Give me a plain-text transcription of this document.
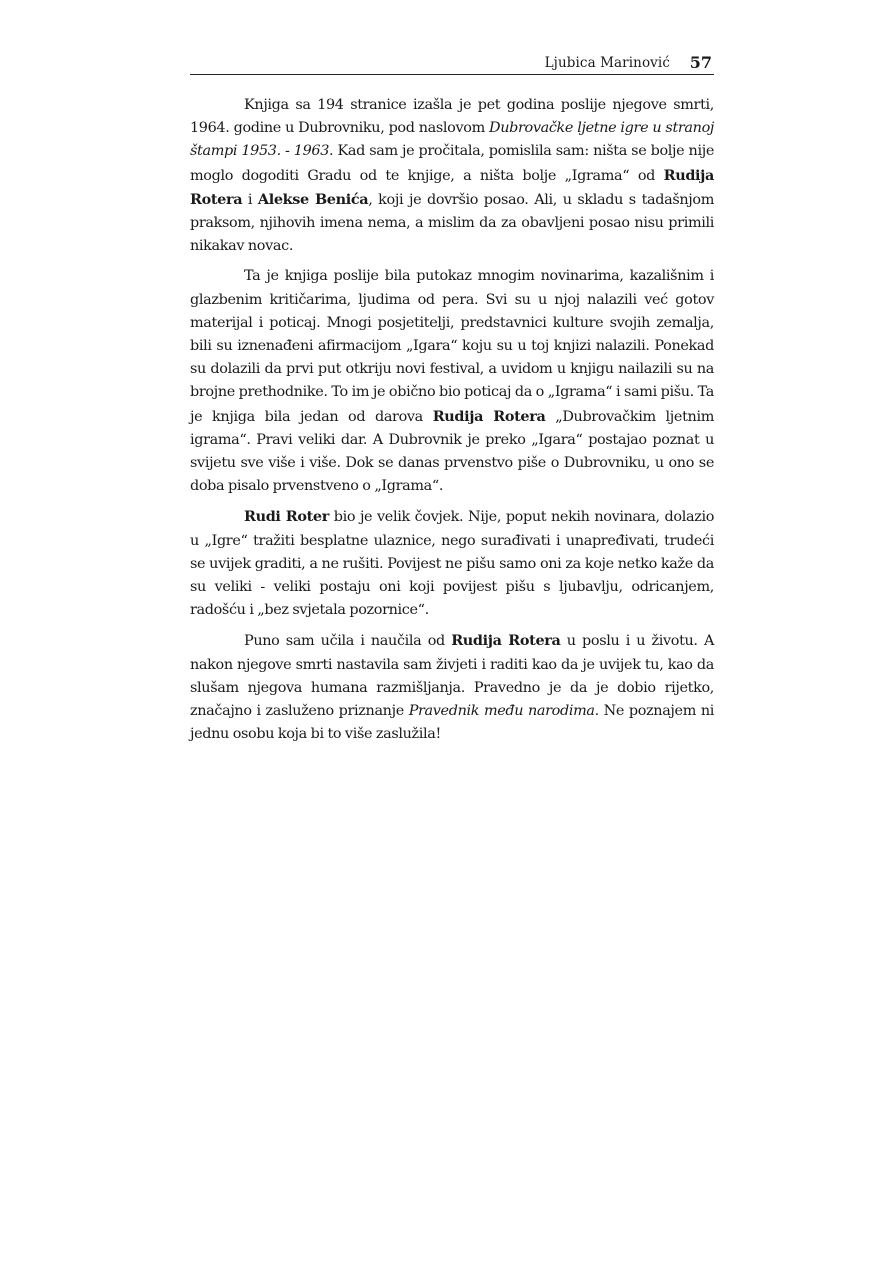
Ljubica Marinović 57

Knjiga sa 194 stranice izašla je pet godina poslije njegove smrti, 1964. godine u Dubrovniku, pod naslovom Dubrovačke ljetne igre u stranoj štampi 1953. - 1963. Kad sam je pročitala, pomislila sam: ništa se bolje nije moglo dogoditi Gradu od te knjige, a ništa bolje „Igrama“ od Rudija Rotera i Alekse Benića, koji je dovršio posao. Ali, u skladu s tadašnjom praksom, njihovih imena nema, a mislim da za obavljeni posao nisu primili nikakav novac.

Ta je knjiga poslije bila putokaz mnogim novinarima, kazališnim i glazbenim kritičarima, ljudima od pera. Svi su u njoj nalazili već gotov materijal i poticaj. Mnogi posjetitelji, predstavnici kulture svojih zemalja, bili su iznenađeni afirmacijom „Igara“ koju su u toj knjizi nalazili. Ponekad su dolazili da prvi put otkriju novi festival, a uvidom u knjigu nailazili su na brojne prethodnike. To im je obično bio poticaj da o „Igrama“ i sami pišu. Ta je knjiga bila jedan od darova Rudija Rotera „Dubrovačkim ljetnim igrama“. Pravi veliki dar. A Dubrovnik je preko „Igara“ postajao poznat u svijetu sve više i više. Dok se danas prvenstvo piše o Dubrovniku, u ono se doba pisalo prvenstveno o „Igrama“.

Rudi Roter bio je velik čovjek. Nije, poput nekih novinara, dolazio u „Igre“ tražiti besplatne ulaznice, nego surađivati i unapređivati, trudeći se uvijek graditi, a ne rušiti. Povijest ne pišu samo oni za koje netko kaže da su veliki - veliki postaju oni koji povijest pišu s ljubavlju, odricanjem, radošću i „bez svjetala pozornice“.

Puno sam učila i naučila od Rudija Rotera u poslu i u životu. A nakon njegove smrti nastavila sam živjeti i raditi kao da je uvijek tu, kao da slušam njegova humana razmišljanja. Pravedno je da je dobio rijetko, značajno i zasluženo priznanje Pravednik među narodima. Ne poznajem ni jednu osobu koja bi to više zaslužila!
